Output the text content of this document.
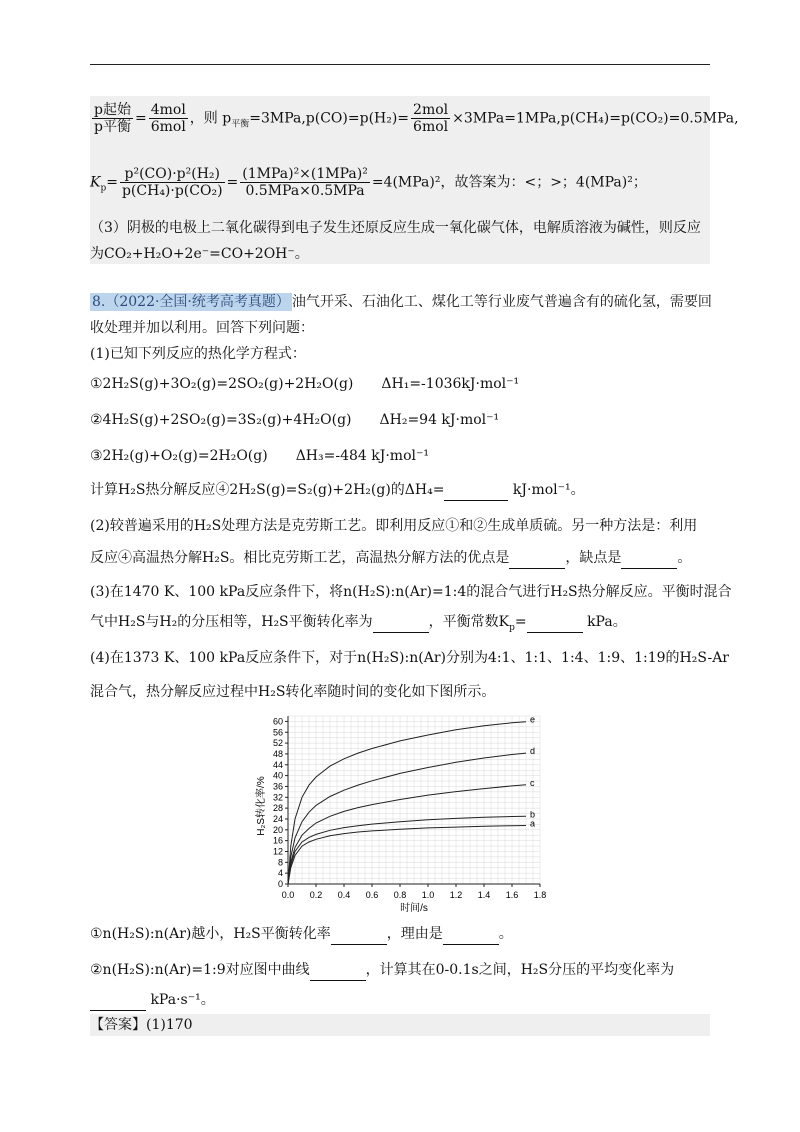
$\frac{\text{p起始}}{\text{p平衡}} = \frac{\text{4mol}}{\text{6mol}}$ ，则 $p_{平衡}=3MPa,p(CO)=p(H_2)= \frac{\text{2mol}}{\text{6mol}} \times 3MPa=1MPa,p(CH_4)=p(CO_2)=0.5MPa$,
$K_p= \frac{\text{p²(CO)·p²(H₂)}}{\text{p(CH₄)·p(CO₂)}} = \frac{\text{(1MPa)²×(1MPa)²}}{\text{0.5MPa×0.5MPa}} =4(MPa)^2$，故答案为：<；>；4(MPa)²；
（3）阴极的电极上二氧化碳得到电子发生还原反应生成一氧化碳气体，电解质溶液为碱性，则反应
为CO₂+H₂O+2e⁻=CO+2OH⁻。
8.（2022·全国·统考高考真题） 油气开采、石油化工、煤化工等行业废气普遍含有的硫化氢，需要回
收处理并加以利用。回答下列问题：
(1)已知下列反应的热化学方程式：
①2H₂S(g)+3O₂(g)=2SO₂(g)+2H₂O(g)　　ΔH₁=-1036kJ·mol⁻¹
②4H₂S(g)+2SO₂(g)=3S₂(g)+4H₂O(g)　　ΔH₂=94 kJ·mol⁻¹
③2H₂(g)+O₂(g)=2H₂O(g)　　ΔH₃=-484 kJ·mol⁻¹
计算H₂S热分解反应④2H₂S(g)=S₂(g)+2H₂(g)的ΔH₄=	kJ·mol⁻¹。
(2)较普遍采用的H₂S处理方法是克劳斯工艺。即利用反应①和②生成单质硫。另一种方法是：利用
反应④高温热分解H₂S。相比克劳斯工艺，高温热分解方法的优点是	，缺点是	。
(3)在1470 K、100 kPa反应条件下，将n(H₂S):n(Ar)=1:4的混合气进行H₂S热分解反应。平衡时混合
气中H₂S与H₂的分压相等，H₂S平衡转化率为	，平衡常数$K_p=$	kPa。
(4)在1373 K、100 kPa反应条件下，对于n(H₂S):n(Ar)分别为4:1、1:1、1:4、1:9、1:19的H₂S-Ar
混合气，热分解反应过程中H₂S转化率随时间的变化如下图所示。
0
4
8
12
16
20
24
28
32
36
40
44
48
52
56
60
0.0 0.2 0.4 0.6 0.8 1.0 1.2 1.4 1.6 1.8
a
b
c
d
e
时间/s
H₂S转化率/%
①n(H₂S):n(Ar)越小，H₂S平衡转化率	，理由是	。
②n(H₂S):n(Ar)=1:9对应图中曲线	，计算其在0-0.1s之间，H₂S分压的平均变化率为
kPa·s⁻¹。
【答案】(1)170
